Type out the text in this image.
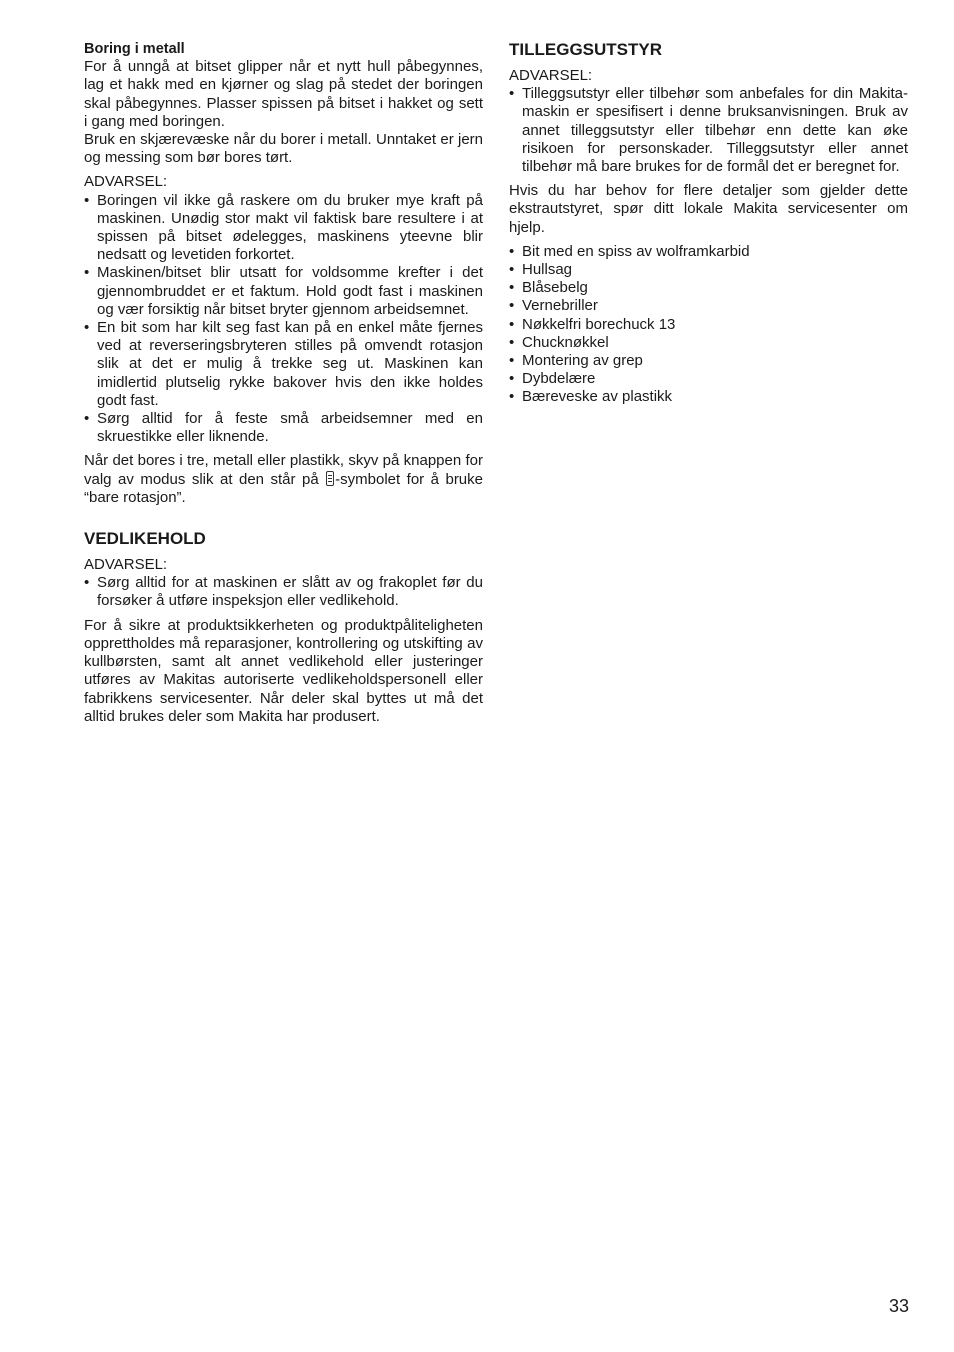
Boring i metall

For å unngå at bitset glipper når et nytt hull påbegynnes, lag et hakk med en kjørner og slag på stedet der boringen skal påbegynnes. Plasser spissen på bitset i hakket og sett i gang med boringen.

Bruk en skjærevæske når du borer i metall. Unntaket er jern og messing som bør bores tørt.

ADVARSEL:

• Boringen vil ikke gå raskere om du bruker mye kraft på maskinen. Unødig stor makt vil faktisk bare resultere i at spissen på bitset ødelegges, maskinens yteevne blir nedsatt og levetiden forkortet.
• Maskinen/bitset blir utsatt for voldsomme krefter i det gjennombruddet er et faktum. Hold godt fast i maskinen og vær forsiktig når bitset bryter gjennom arbeidsemnet.
• En bit som har kilt seg fast kan på en enkel måte fjernes ved at reverseringsbryteren stilles på omvendt rotasjon slik at det er mulig å trekke seg ut. Maskinen kan imidlertid plutselig rykke bakover hvis den ikke holdes godt fast.
• Sørg alltid for å feste små arbeidsemner med en skruestikke eller liknende.

Når det bores i tre, metall eller plastikk, skyv på knappen for valg av modus slik at den står på -symbolet for å bruke “bare rotasjon”.

VEDLIKEHOLD

ADVARSEL:

• Sørg alltid for at maskinen er slått av og frakoplet før du forsøker å utføre inspeksjon eller vedlikehold.

For å sikre at produktsikkerheten og produktpåliteligheten opprettholdes må reparasjoner, kontrollering og utskifting av kullbørsten, samt alt annet vedlikehold eller justeringer utføres av Makitas autoriserte vedlikeholdspersonell eller fabrikkens servicesenter. Når deler skal byttes ut må det alltid brukes deler som Makita har produsert.

TILLEGGSUTSTYR

ADVARSEL:

• Tilleggsutstyr eller tilbehør som anbefales for din Makita-maskin er spesifisert i denne bruksanvisningen. Bruk av annet tilleggsutstyr eller tilbehør enn dette kan øke risikoen for personskader. Tilleggsutstyr eller annet tilbehør må bare brukes for de formål det er beregnet for.

Hvis du har behov for flere detaljer som gjelder dette ekstrautstyret, spør ditt lokale Makita servicesenter om hjelp.

• Bit med en spiss av wolframkarbid
• Hullsag
• Blåsebelg
• Vernebriller
• Nøkkelfri borechuck 13
• Chucknøkkel
• Montering av grep
• Dybdelære
• Bæreveske av plastikk
33
